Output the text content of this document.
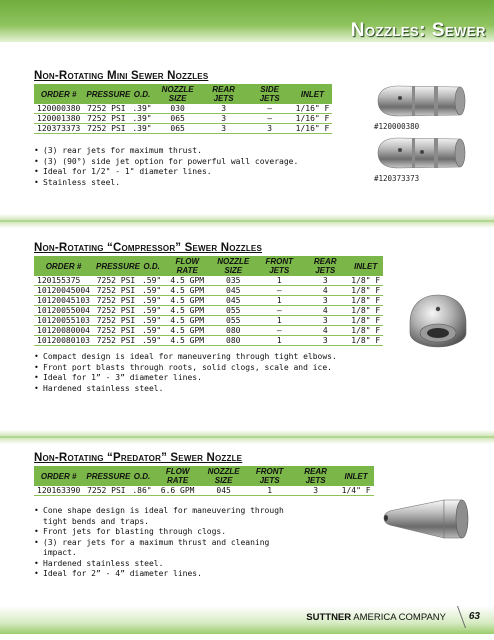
Nozzles: Sewer
Non-Rotating Mini Sewer Nozzles
ORDER #	PRESSURE	O.D.	NOZZLE SIZE	REAR JETS	SIDE JETS	INLET
120000380	7252 PSI	.39"	030	3	—	1/16" F
120001380	7252 PSI	.39"	065	3	—	1/16" F
120373373	7252 PSI	.39"	065	3	3	1/16" F
• (3) rear jets for maximum thrust.
• (3) (90°) side jet option for powerful wall coverage.
• Ideal for 1/2" - 1" diameter lines.
• Stainless steel.
#120000380
#120373373
Non-Rotating “Compressor” Sewer Nozzles
ORDER #	PRESSURE	O.D.	FLOW RATE	NOZZLE SIZE	FRONT JETS	REAR JETS	INLET
120155375	7252 PSI	.59"	4.5 GPM	035	1	3	1/8" F
10120045004	7252 PSI	.59"	4.5 GPM	045	—	4	1/8" F
10120045103	7252 PSI	.59"	4.5 GPM	045	1	3	1/8" F
10120055004	7252 PSI	.59"	4.5 GPM	055	—	4	1/8" F
10120055103	7252 PSI	.59"	4.5 GPM	055	1	3	1/8" F
10120080004	7252 PSI	.59"	4.5 GPM	080	—	4	1/8" F
10120080103	7252 PSI	.59"	4.5 GPM	080	1	3	1/8" F
• Compact design is ideal for maneuvering through tight elbows.
• Front port blasts through roots, solid clogs, scale and ice.
• Ideal for 1” - 3” diameter lines.
• Hardened stainless steel.
Non-Rotating “Predator” Sewer Nozzle
ORDER #	PRESSURE	O.D.	FLOW RATE	NOZZLE SIZE	FRONT JETS	REAR JETS	INLET
120163390	7252 PSI	.86"	6.6 GPM	045	1	3	1/4" F
• Cone shape design is ideal for maneuvering through tight bends and traps.
• Front jets for blasting through clogs.
• (3) rear jets for a maximum thrust and cleaning impact.
• Hardened stainless steel.
• Ideal for 2” - 4” diameter lines.
SUTTNER AMERICA COMPANY 63
